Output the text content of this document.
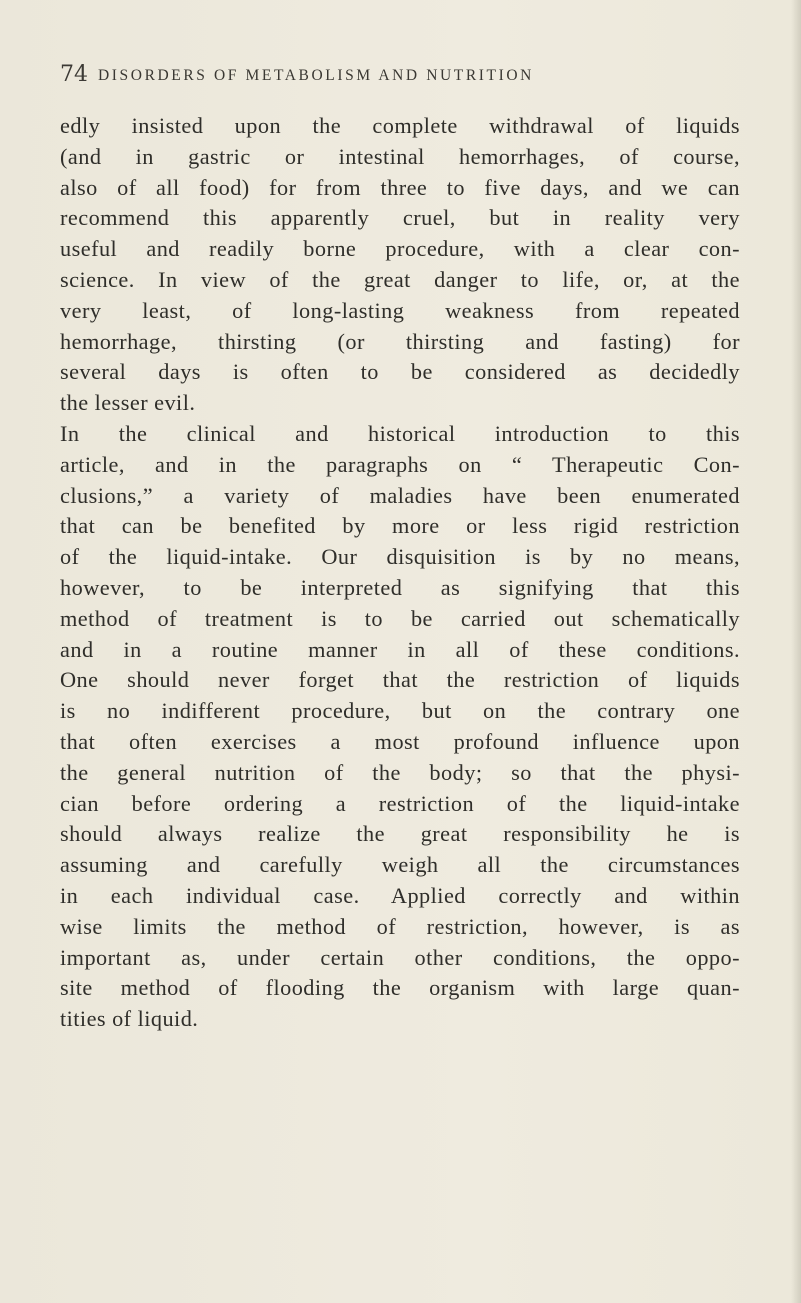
74 DISORDERS OF METABOLISM AND NUTRITION
edly insisted upon the complete withdrawal of liquids
(and in gastric or intestinal hemorrhages, of course,
also of all food) for from three to five days, and we can
recommend this apparently cruel, but in reality very
useful and readily borne procedure, with a clear con-
science. In view of the great danger to life, or, at the
very least, of long-lasting weakness from repeated
hemorrhage, thirsting (or thirsting and fasting) for
several days is often to be considered as decidedly
the lesser evil.
In the clinical and historical introduction to this
article, and in the paragraphs on “ Therapeutic Con-
clusions,” a variety of maladies have been enumerated
that can be benefited by more or less rigid restriction
of the liquid-intake. Our disquisition is by no means,
however, to be interpreted as signifying that this
method of treatment is to be carried out schematically
and in a routine manner in all of these conditions.
One should never forget that the restriction of liquids
is no indifferent procedure, but on the contrary one
that often exercises a most profound influence upon
the general nutrition of the body; so that the physi-
cian before ordering a restriction of the liquid-intake
should always realize the great responsibility he is
assuming and carefully weigh all the circumstances
in each individual case. Applied correctly and within
wise limits the method of restriction, however, is as
important as, under certain other conditions, the oppo-
site method of flooding the organism with large quan-
tities of liquid.
